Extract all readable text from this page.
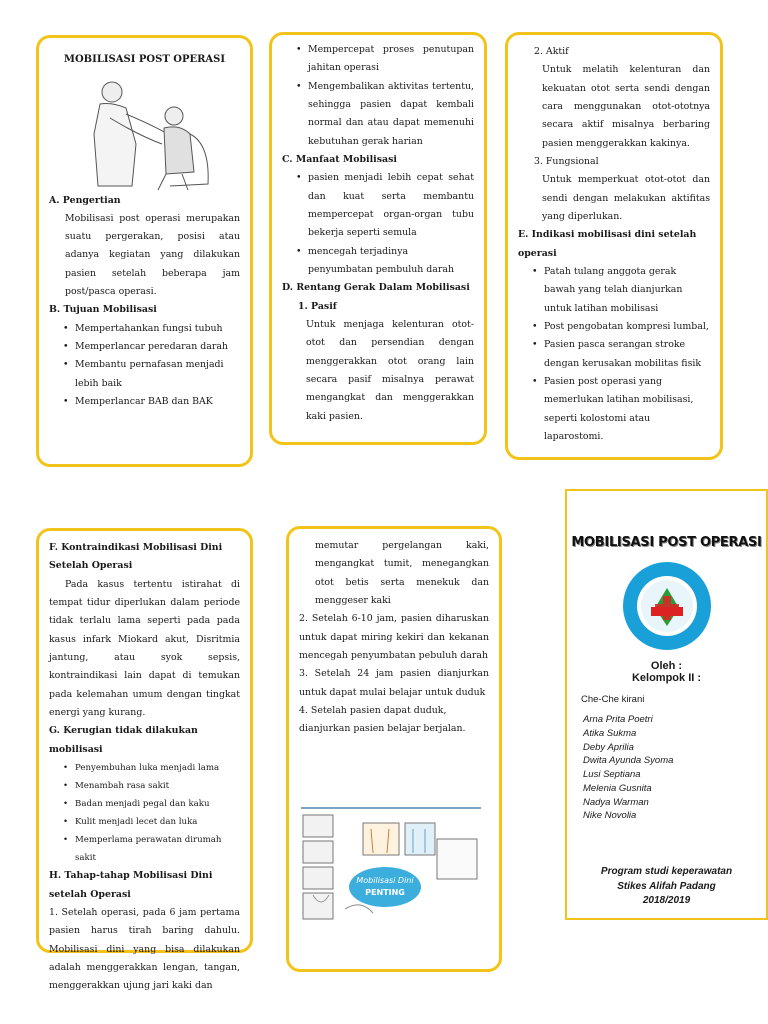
MOBILISASI POST OPERASI
A. Pengertian
Mobilisasi post operasi merupakan suatu pergerakan, posisi atau adanya kegiatan yang dilakukan pasien setelah beberapa jam post/pasca operasi.
B. Tujuan Mobilisasi
• Mempertahankan fungsi tubuh
• Memperlancar peredaran darah
• Membantu pernafasan menjadi lebih baik
• Memperlancar BAB dan BAK
• Mempercepat proses penutupan jahitan operasi
• Mengembalikan aktivitas tertentu, sehingga pasien dapat kembali normal dan atau dapat memenuhi kebutuhan gerak harian
C. Manfaat Mobilisasi
• pasien menjadi lebih cepat sehat dan kuat serta membantu mempercepat organ-organ tubu bekerja seperti semula
• mencegah terjadinya penyumbatan pembuluh darah
D. Rentang Gerak Dalam Mobilisasi
1. Pasif
Untuk menjaga kelenturan otot-otot dan persendian dengan menggerakkan otot orang lain secara pasif misalnya perawat mengangkat dan menggerakkan kaki pasien.
2. Aktif
Untuk melatih kelenturan dan kekuatan otot serta sendi dengan cara menggunakan otot-ototnya secara aktif misalnya berbaring pasien menggerakkan kakinya.
3. Fungsional
Untuk memperkuat otot-otot dan sendi dengan melakukan aktifitas yang diperlukan.
E. Indikasi mobilisasi dini setelah operasi
• Patah tulang anggota gerak bawah yang telah dianjurkan untuk latihan mobilisasi
• Post pengobatan kompresi lumbal,
• Pasien pasca serangan stroke dengan kerusakan mobilitas fisik
• Pasien post operasi yang memerlukan latihan mobilisasi, seperti kolostomi atau laparostomi.
F. Kontraindikasi Mobilisasi Dini Setelah Operasi
Pada kasus tertentu istirahat di tempat tidur diperlukan dalam periode tidak terlalu lama seperti pada pada kasus infark Miokard akut, Disritmia jantung, atau syok sepsis, kontraindikasi lain dapat di temukan pada kelemahan umum dengan tingkat energi yang kurang.
G. Kerugian tidak dilakukan mobilisasi
• Penyembuhan luka menjadi lama
• Menambah rasa sakit
• Badan menjadi pegal dan kaku
• Kulit menjadi lecet dan luka
• Memperlama perawatan dirumah sakit
H. Tahap-tahap Mobilisasi Dini setelah Operasi
1. Setelah operasi, pada 6 jam pertama pasien harus tirah baring dahulu. Mobilisasi dini yang bisa dilakukan adalah menggerakkan lengan, tangan, menggerakkan ujung jari kaki dan
memutar pergelangan kaki, mengangkat tumit, menegangkan otot betis serta menekuk dan menggeser kaki
2. Setelah 6-10 jam, pasien diharuskan untuk dapat miring kekiri dan kekanan mencegah penyumbatan pebuluh darah
3. Setelah 24 jam pasien dianjurkan untuk dapat mulai belajar untuk duduk
4. Setelah pasien dapat duduk, dianjurkan pasien belajar berjalan.
Mobilisasi Dini
PENTING
MOBILISASI POST OPERASI
Oleh :
Kelompok II :
Che-Che kirani
Arna Prita Poetri
Atika Sukma
Deby Aprilia
Dwita Ayunda Syoma
Lusi Septiana
Melenia Gusnita
Nadya Warman
Nike Novolia
Program studi keperawatan
Stikes Alifah Padang
2018/2019
